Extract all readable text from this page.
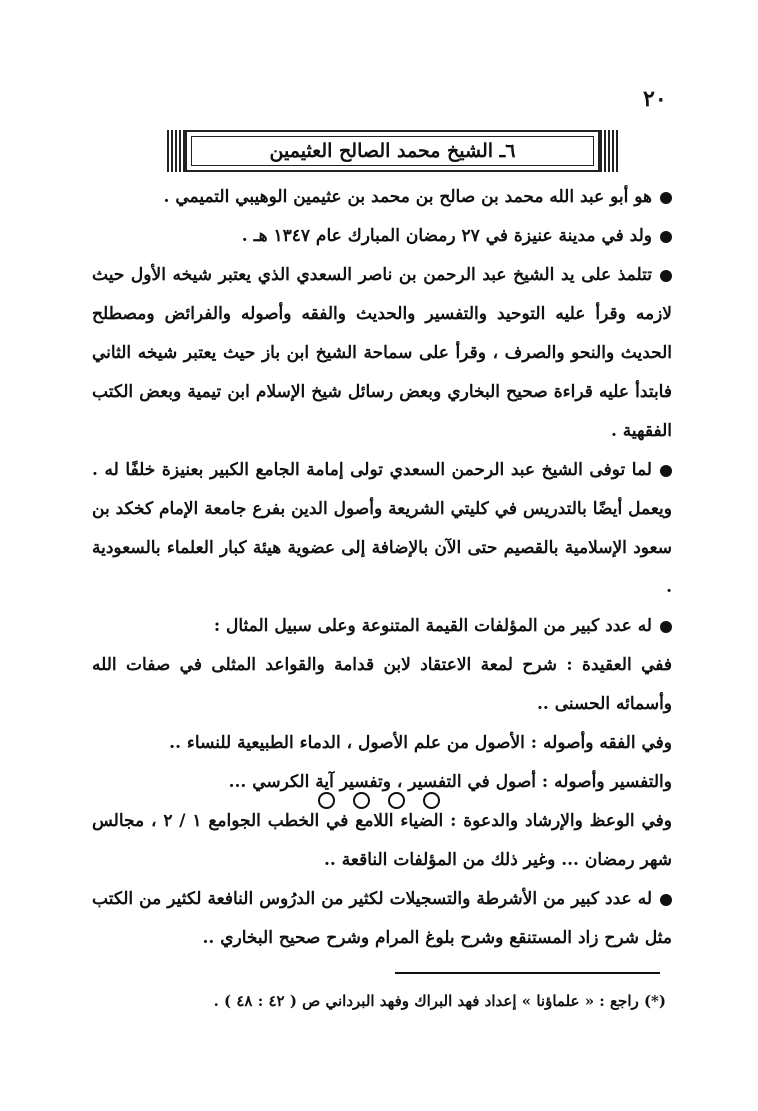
٢٠
٦ـ الشيخ محمد الصالح العثيمين

هو أبو عبد الله محمد بن صالح بن محمد بن عثيمين الوهيبي التميمي .

ولد في مدينة عنيزة في ٢٧ رمضان المبارك عام ١٣٤٧ هـ .

تتلمذ على يد الشيخ عبد الرحمن بن ناصر السعدي الذي يعتبر شيخه الأول حيث لازمه وقرأ عليه التوحيد والتفسير والحديث والفقه وأصوله والفرائض ومصطلح الحديث والنحو والصرف ، وقرأ على سماحة الشيخ ابن باز حيث يعتبر شيخه الثاني فابتدأ عليه قراءة صحيح البخاري وبعض رسائل شيخ الإسلام ابن تيمية وبعض الكتب الفقهية .

لما توفى الشيخ عبد الرحمن السعدي تولى إمامة الجامع الكبير بعنيزة خلفًا له . ويعمل أيضًا بالتدريس في كليتي الشريعة وأصول الدين بفرع جامعة الإمام كخكد بن سعود الإسلامية بالقصيم حتى الآن بالإضافة إلى عضوية هيئة كبار العلماء بالسعودية .

له عدد كبير من المؤلفات القيمة المتنوعة وعلى سبيل المثال :

ففي العقيدة : شرح لمعة الاعتقاد لابن قدامة والقواعد المثلى في صفات الله وأسمائه الحسنى ..

وفي الفقه وأصوله : الأصول من علم الأصول ، الدماء الطبيعية للنساء ..

والتفسير وأصوله : أصول في التفسير ، وتفسير آية الكرسي ...

وفي الوعظ والإرشاد والدعوة : الضياء اللامع في الخطب الجوامع ١ / ٢ ، مجالس شهر رمضان ... وغير ذلك من المؤلفات الناقعة ..

له عدد كبير من الأشرطة والتسجيلات لكثير من الدرُوس النافعة لكثير من الكتب مثل شرح زاد المستنقع وشرح بلوغ المرام وشرح صحيح البخاري ..

(*) راجع : « علماؤنا » إعداد فهد البراك وفهد البرداني ص ( ٤٢ : ٤٨ ) .
